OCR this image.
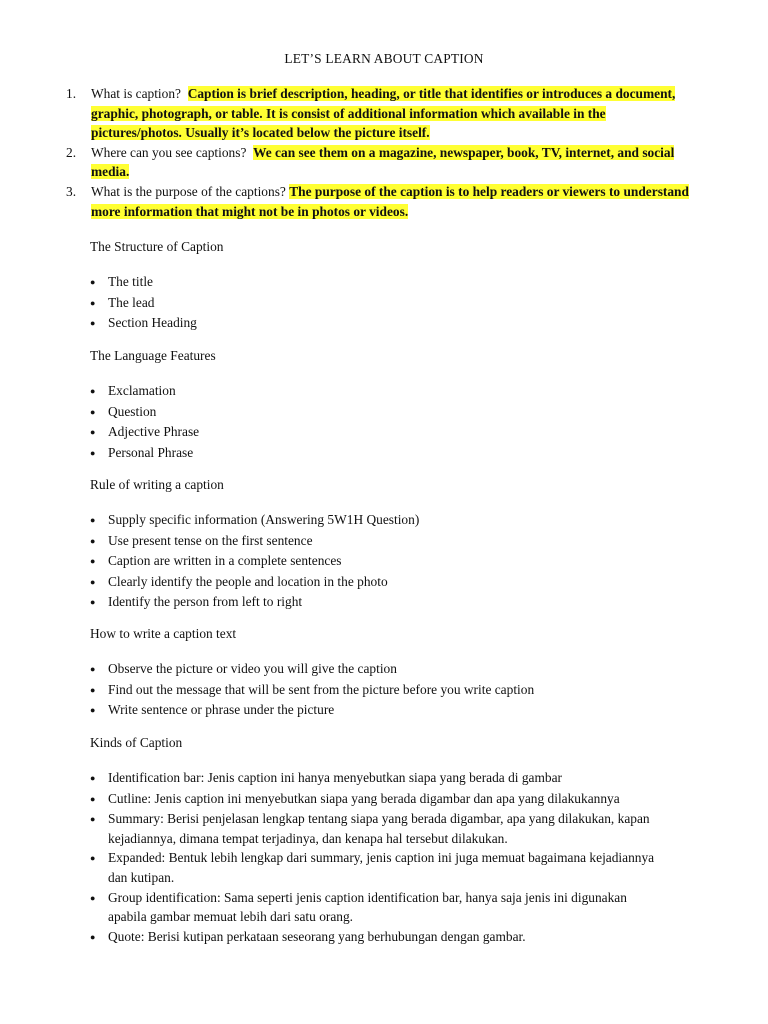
LET’S LEARN ABOUT CAPTION
1.	What is caption? Caption is brief description, heading, or title that identifies or introduces a document, graphic, photograph, or table. It is consist of additional information which available in the pictures/photos. Usually it’s located below the picture itself.
2.	Where can you see captions? We can see them on a magazine, newspaper, book, TV, internet, and social media.
3.	What is the purpose of the captions? The purpose of the caption is to help readers or viewers to understand more information that might not be in photos or videos.
The Structure of Caption
● The title
● The lead
● Section Heading
The Language Features
● Exclamation
● Question
● Adjective Phrase
● Personal Phrase
Rule of writing a caption
● Supply specific information (Answering 5W1H Question)
● Use present tense on the first sentence
● Caption are written in a complete sentences
● Clearly identify the people and location in the photo
● Identify the person from left to right
How to write a caption text
● Observe the picture or video you will give the caption
● Find out the message that will be sent from the picture before you write caption
● Write sentence or phrase under the picture
Kinds of Caption
● Identification bar: Jenis caption ini hanya menyebutkan siapa yang berada di gambar
● Cutline: Jenis caption ini menyebutkan siapa yang berada digambar dan apa yang dilakukannya
● Summary: Berisi penjelasan lengkap tentang siapa yang berada digambar, apa yang dilakukan, kapan kejadiannya, dimana tempat terjadinya, dan kenapa hal tersebut dilakukan.
● Expanded: Bentuk lebih lengkap dari summary, jenis caption ini juga memuat bagaimana kejadiannya dan kutipan.
● Group identification: Sama seperti jenis caption identification bar, hanya saja jenis ini digunakan apabila gambar memuat lebih dari satu orang.
● Quote: Berisi kutipan perkataan seseorang yang berhubungan dengan gambar.
